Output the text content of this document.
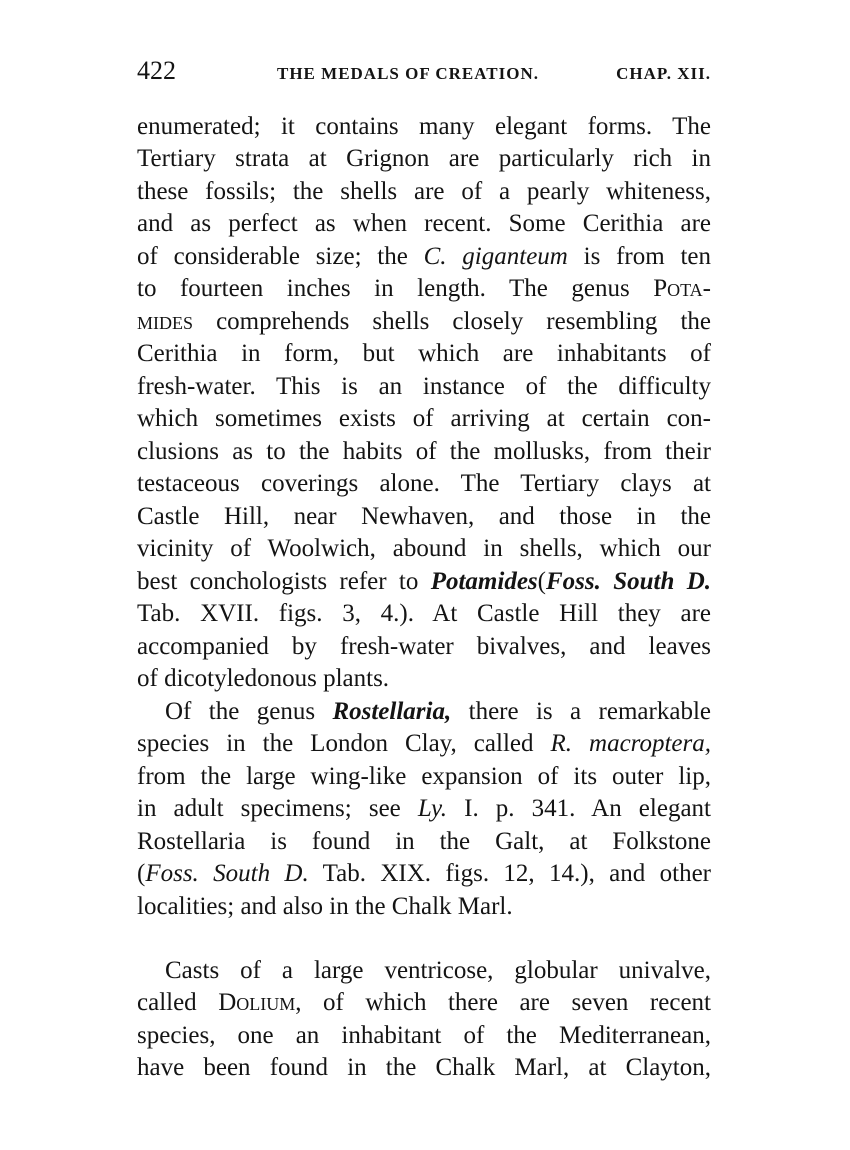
422	THE MEDALS OF CREATION.	CHAP. XII.
enumerated; it contains many elegant forms. The
Tertiary strata at Grignon are particularly rich in
these fossils; the shells are of a pearly whiteness,
and as perfect as when recent. Some Cerithia are
of considerable size; the C. giganteum is from ten
to fourteen inches in length. The genus Pota-
mides comprehends shells closely resembling the
Cerithia in form, but which are inhabitants of
fresh-water. This is an instance of the difficulty
which sometimes exists of arriving at certain con-
clusions as to the habits of the mollusks, from their
testaceous coverings alone. The Tertiary clays at
Castle Hill, near Newhaven, and those in the
vicinity of Woolwich, abound in shells, which our
best conchologists refer to Potamides(Foss. South D.
Tab. XVII. figs. 3, 4.). At Castle Hill they are
accompanied by fresh-water bivalves, and leaves
of dicotyledonous plants.
Of the genus Rostellaria, there is a remarkable
species in the London Clay, called R. macroptera,
from the large wing-like expansion of its outer lip,
in adult specimens; see Ly. I. p. 341. An elegant
Rostellaria is found in the Galt, at Folkstone
(Foss. South D. Tab. XIX. figs. 12, 14.), and other
localities; and also in the Chalk Marl.
Casts of a large ventricose, globular univalve,
called Dolium, of which there are seven recent
species, one an inhabitant of the Mediterranean,
have been found in the Chalk Marl, at Clayton,
